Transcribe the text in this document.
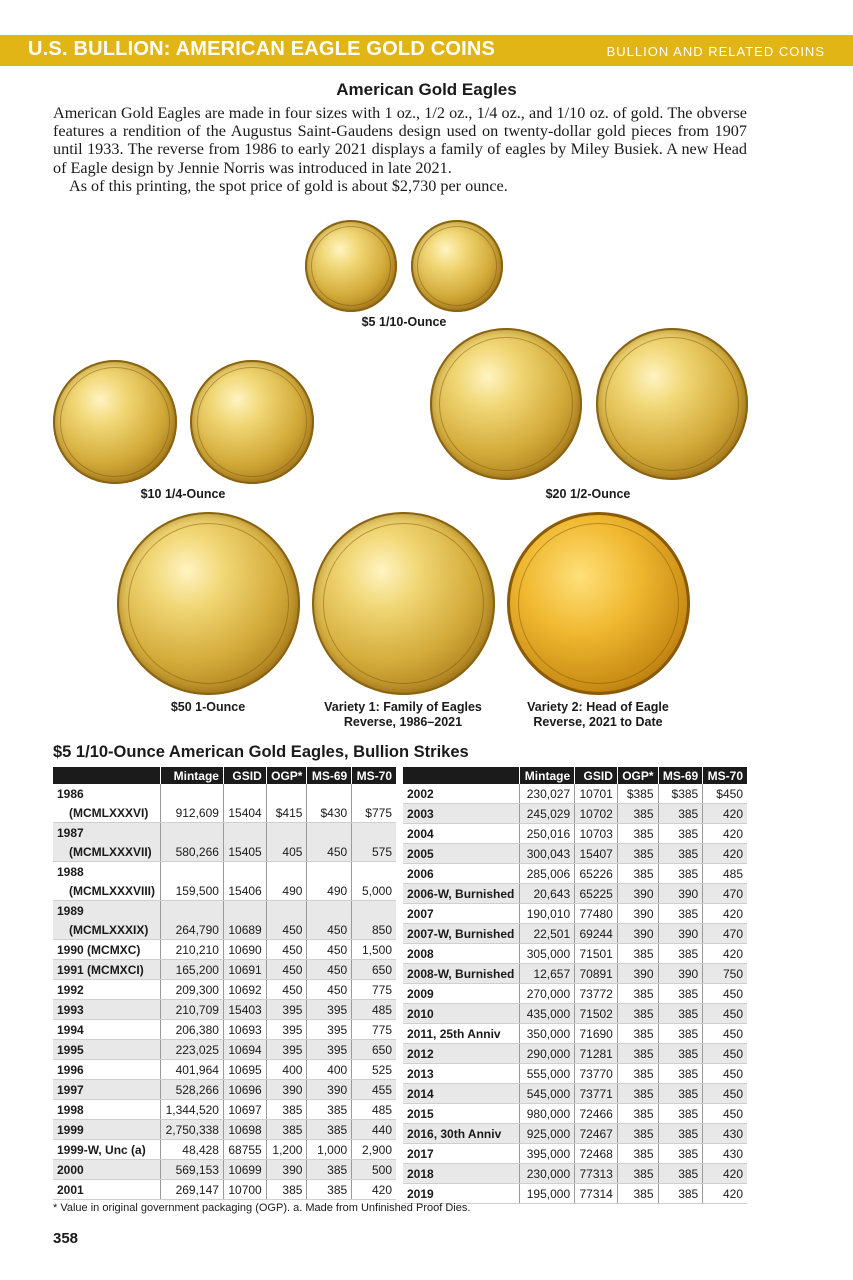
U.S. BULLION: AMERICAN EAGLE GOLD COINS	BULLION AND RELATED COINS
American Gold Eagles

American Gold Eagles are made in four sizes with 1 oz., 1/2 oz., 1/4 oz., and 1/10 oz. of gold. The obverse features a rendition of the Augustus Saint-Gaudens design used on twenty-dollar gold pieces from 1907 until 1933. The reverse from 1986 to early 2021 displays a family of eagles by Miley Busiek. A new Head of Eagle design by Jennie Norris was introduced in late 2021.

As of this printing, the spot price of gold is about $2,730 per ounce.

$5 1/10-Ounce
$10 1/4-Ounce	$20 1/2-Ounce
$50 1-Ounce	Variety 1: Family of Eagles
Reverse, 1986–2021
Variety 2: Head of Eagle
Reverse, 2021 to Date
$5 1/10-Ounce American Gold Eagles, Bullion Strikes
	Mintage	GSID	OGP*	MS-69	MS-70
1986					
(MCMLXXXVI)	912,609	15404	$415	$430	$775
1987					
(MCMLXXXVII)	580,266	15405	405	450	575
1988					
(MCMLXXXVIII)	159,500	15406	490	490	5,000
1989					
(MCMLXXXIX)	264,790	10689	450	450	850
1990 (MCMXC)	210,210	10690	450	450	1,500
1991 (MCMXCI)	165,200	10691	450	450	650
1992	209,300	10692	450	450	775
1993	210,709	15403	395	395	485
1994	206,380	10693	395	395	775
1995	223,025	10694	395	395	650
1996	401,964	10695	400	400	525
1997	528,266	10696	390	390	455
1998	1,344,520	10697	385	385	485
1999	2,750,338	10698	385	385	440
1999-W, Unc (a)	48,428	68755	1,200	1,000	2,900
2000	569,153	10699	390	385	500
2001	269,147	10700	385	385	420
	Mintage	GSID	OGP*	MS-69	MS-70
2002	230,027	10701	$385	$385	$450
2003	245,029	10702	385	385	420
2004	250,016	10703	385	385	420
2005	300,043	15407	385	385	420
2006	285,006	65226	385	385	485
2006-W, Burnished	20,643	65225	390	390	470
2007	190,010	77480	390	385	420
2007-W, Burnished	22,501	69244	390	390	470
2008	305,000	71501	385	385	420
2008-W, Burnished	12,657	70891	390	390	750
2009	270,000	73772	385	385	450
2010	435,000	71502	385	385	450
2011, 25th Anniv	350,000	71690	385	385	450
2012	290,000	71281	385	385	450
2013	555,000	73770	385	385	450
2014	545,000	73771	385	385	450
2015	980,000	72466	385	385	450
2016, 30th Anniv	925,000	72467	385	385	430
2017	395,000	72468	385	385	430
2018	230,000	77313	385	385	420
2019	195,000	77314	385	385	420
* Value in original government packaging (OGP). a. Made from Unfinished Proof Dies.
358
